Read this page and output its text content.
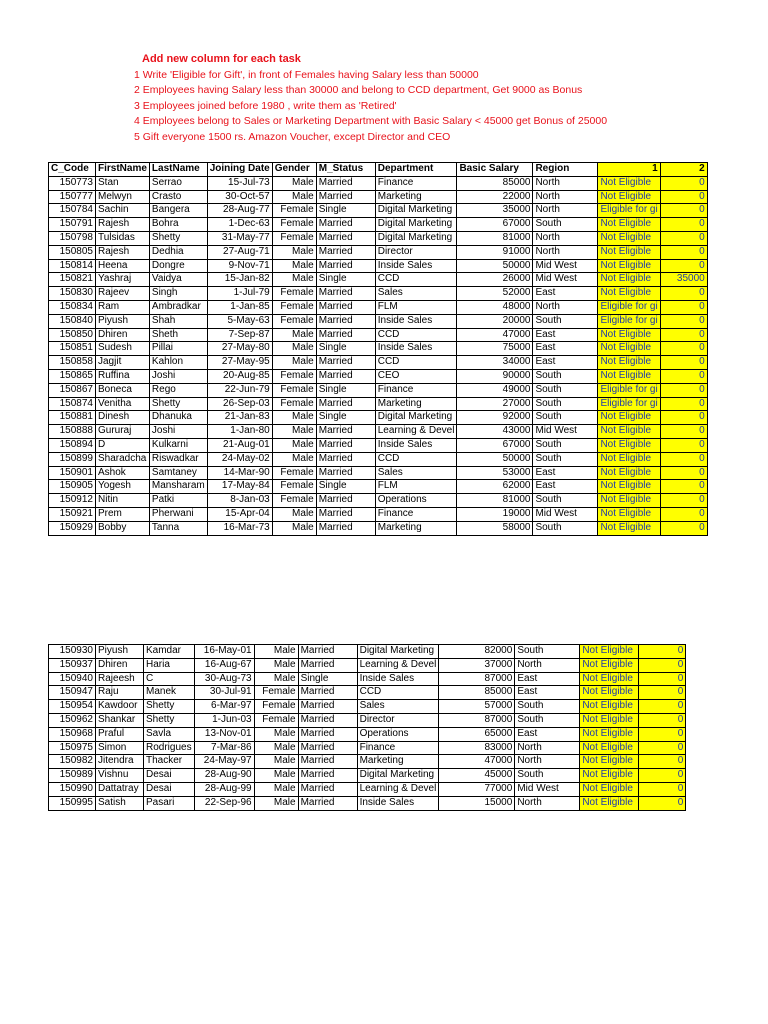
Add new column for each task
1 Write 'Eligible for Gift', in front of Females having Salary less than 50000
2 Employees having Salary less than 30000 and belong to CCD department, Get 9000 as Bonus
3 Employees joined before 1980 , write them as 'Retired'
4 Employees belong to Sales or Marketing Department with Basic Salary < 45000 get Bonus of 25000
5 Gift everyone 1500 rs. Amazon Voucher, except Director and CEO
C_Code	FirstName	LastName	Joining Date	Gender	M_Status	Department	Basic Salary	Region	1	2
150773	Stan	Serrao	15-Jul-73	Male	Married	Finance	85000	North	Not Eligible	0
150777	Melwyn	Crasto	30-Oct-57	Male	Married	Marketing	22000	North	Not Eligible	0
150784	Sachin	Bangera	28-Aug-77	Female	Single	Digital Marketing	35000	North	Eligible for gi	0
150791	Rajesh	Bohra	1-Dec-63	Female	Married	Digital Marketing	67000	South	Not Eligible	0
150798	Tulsidas	Shetty	31-May-77	Female	Married	Digital Marketing	81000	North	Not Eligible	0
150805	Rajesh	Dedhia	27-Aug-71	Male	Married	Director	91000	North	Not Eligible	0
150814	Heena	Dongre	9-Nov-71	Male	Married	Inside Sales	50000	Mid West	Not Eligible	0
150821	Yashraj	Vaidya	15-Jan-82	Male	Single	CCD	26000	Mid West	Not Eligible	35000
150830	Rajeev	Singh	1-Jul-79	Female	Married	Sales	52000	East	Not Eligible	0
150834	Ram	Ambradkar	1-Jan-85	Female	Married	FLM	48000	North	Eligible for gi	0
150840	Piyush	Shah	5-May-63	Female	Married	Inside Sales	20000	South	Eligible for gi	0
150850	Dhiren	Sheth	7-Sep-87	Male	Married	CCD	47000	East	Not Eligible	0
150851	Sudesh	Pillai	27-May-80	Male	Single	Inside Sales	75000	East	Not Eligible	0
150858	Jagjit	Kahlon	27-May-95	Male	Married	CCD	34000	East	Not Eligible	0
150865	Ruffina	Joshi	20-Aug-85	Female	Married	CEO	90000	South	Not Eligible	0
150867	Boneca	Rego	22-Jun-79	Female	Single	Finance	49000	South	Eligible for gi	0
150874	Venitha	Shetty	26-Sep-03	Female	Married	Marketing	27000	South	Eligible for gi	0
150881	Dinesh	Dhanuka	21-Jan-83	Male	Single	Digital Marketing	92000	South	Not Eligible	0
150888	Gururaj	Joshi	1-Jan-80	Male	Married	Learning & Devel	43000	Mid West	Not Eligible	0
150894	D	Kulkarni	21-Aug-01	Male	Married	Inside Sales	67000	South	Not Eligible	0
150899	Sharadcha	Riswadkar	24-May-02	Male	Married	CCD	50000	South	Not Eligible	0
150901	Ashok	Samtaney	14-Mar-90	Female	Married	Sales	53000	East	Not Eligible	0
150905	Yogesh	Mansharam	17-May-84	Female	Single	FLM	62000	East	Not Eligible	0
150912	Nitin	Patki	8-Jan-03	Female	Married	Operations	81000	South	Not Eligible	0
150921	Prem	Pherwani	15-Apr-04	Male	Married	Finance	19000	Mid West	Not Eligible	0
150929	Bobby	Tanna	16-Mar-73	Male	Married	Marketing	58000	South	Not Eligible	0
150930	Piyush	Kamdar	16-May-01	Male	Married	Digital Marketing	82000	South	Not Eligible	0
150937	Dhiren	Haria	16-Aug-67	Male	Married	Learning & Devel	37000	North	Not Eligible	0
150940	Rajeesh	C	30-Aug-73	Male	Single	Inside Sales	87000	East	Not Eligible	0
150947	Raju	Manek	30-Jul-91	Female	Married	CCD	85000	East	Not Eligible	0
150954	Kawdoor	Shetty	6-Mar-97	Female	Married	Sales	57000	South	Not Eligible	0
150962	Shankar	Shetty	1-Jun-03	Female	Married	Director	87000	South	Not Eligible	0
150968	Praful	Savla	13-Nov-01	Male	Married	Operations	65000	East	Not Eligible	0
150975	Simon	Rodrigues	7-Mar-86	Male	Married	Finance	83000	North	Not Eligible	0
150982	Jitendra	Thacker	24-May-97	Male	Married	Marketing	47000	North	Not Eligible	0
150989	Vishnu	Desai	28-Aug-90	Male	Married	Digital Marketing	45000	South	Not Eligible	0
150990	Dattatray	Desai	28-Aug-99	Male	Married	Learning & Devel	77000	Mid West	Not Eligible	0
150995	Satish	Pasari	22-Sep-96	Male	Married	Inside Sales	15000	North	Not Eligible	0
